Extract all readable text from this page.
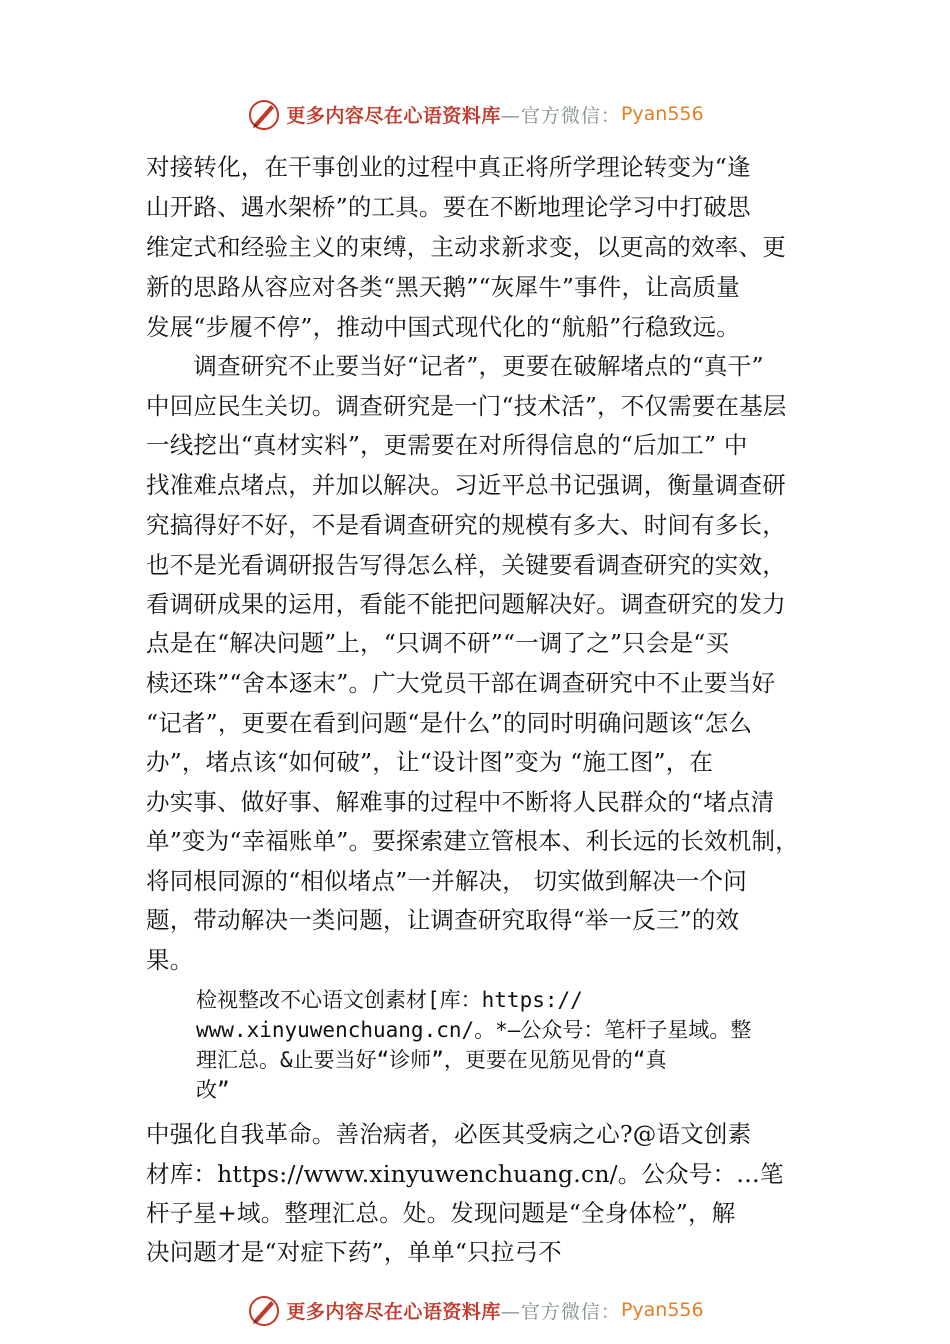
更多内容尽在心语资料库 —官方微信： Pyan556
对接转化，在干事创业的过程中真正将所学理论转变为“逢
山开路、遇水架桥”的工具。要在不断地理论学习中打破思
维定式和经验主义的束缚，主动求新求变，以更高的效率、更
新的思路从容应对各类“黑天鹅”“灰犀牛”事件，让高质量
发展“步履不停”，推动中国式现代化的“航船”行稳致远。
　　调查研究不止要当好“记者”，更要在破解堵点的“真干”
中回应民生关切。调查研究是一门“技术活”，不仅需要在基层
一线挖出“真材实料”，更需要在对所得信息的“后加工” 中
找准难点堵点，并加以解决。习近平总书记强调，衡量调查研
究搞得好不好，不是看调查研究的规模有多大、时间有多长，
也不是光看调研报告写得怎么样，关键要看调查研究的实效，
看调研成果的运用，看能不能把问题解决好。调查研究的发力
点是在“解决问题”上，“只调不研”“一调了之”只会是“买
椟还珠”“舍本逐末”。广大党员干部在调查研究中不止要当好
“记者”，更要在看到问题“是什么”的同时明确问题该“怎么
办”，堵点该“如何破”，让“设计图”变为 “施工图”，在
办实事、做好事、解难事的过程中不断将人民群众的“堵点清
单”变为“幸福账单”。要探索建立管根本、利长远的长效机制，
将同根同源的“相似堵点”一并解决， 切实做到解决一个问
题，带动解决一类问题，让调查研究取得“举一反三”的效
果。
检视整改不心语文创素材[库：https://
www.xinyuwenchuang.cn/。*—公众号：笔杆子星域。整
理汇总。&止要当好“诊师”，更要在见筋见骨的“真
改”
中强化自我革命。善治病者，必医其受病之心?@语文创素
材库：https://www.xinyuwenchuang.cn/。公众号：…笔
杆子星+域。整理汇总。处。发现问题是“全身体检”，解
决问题才是“对症下药”，单单“只拉弓不
更多内容尽在心语资料库 —官方微信： Pyan556
